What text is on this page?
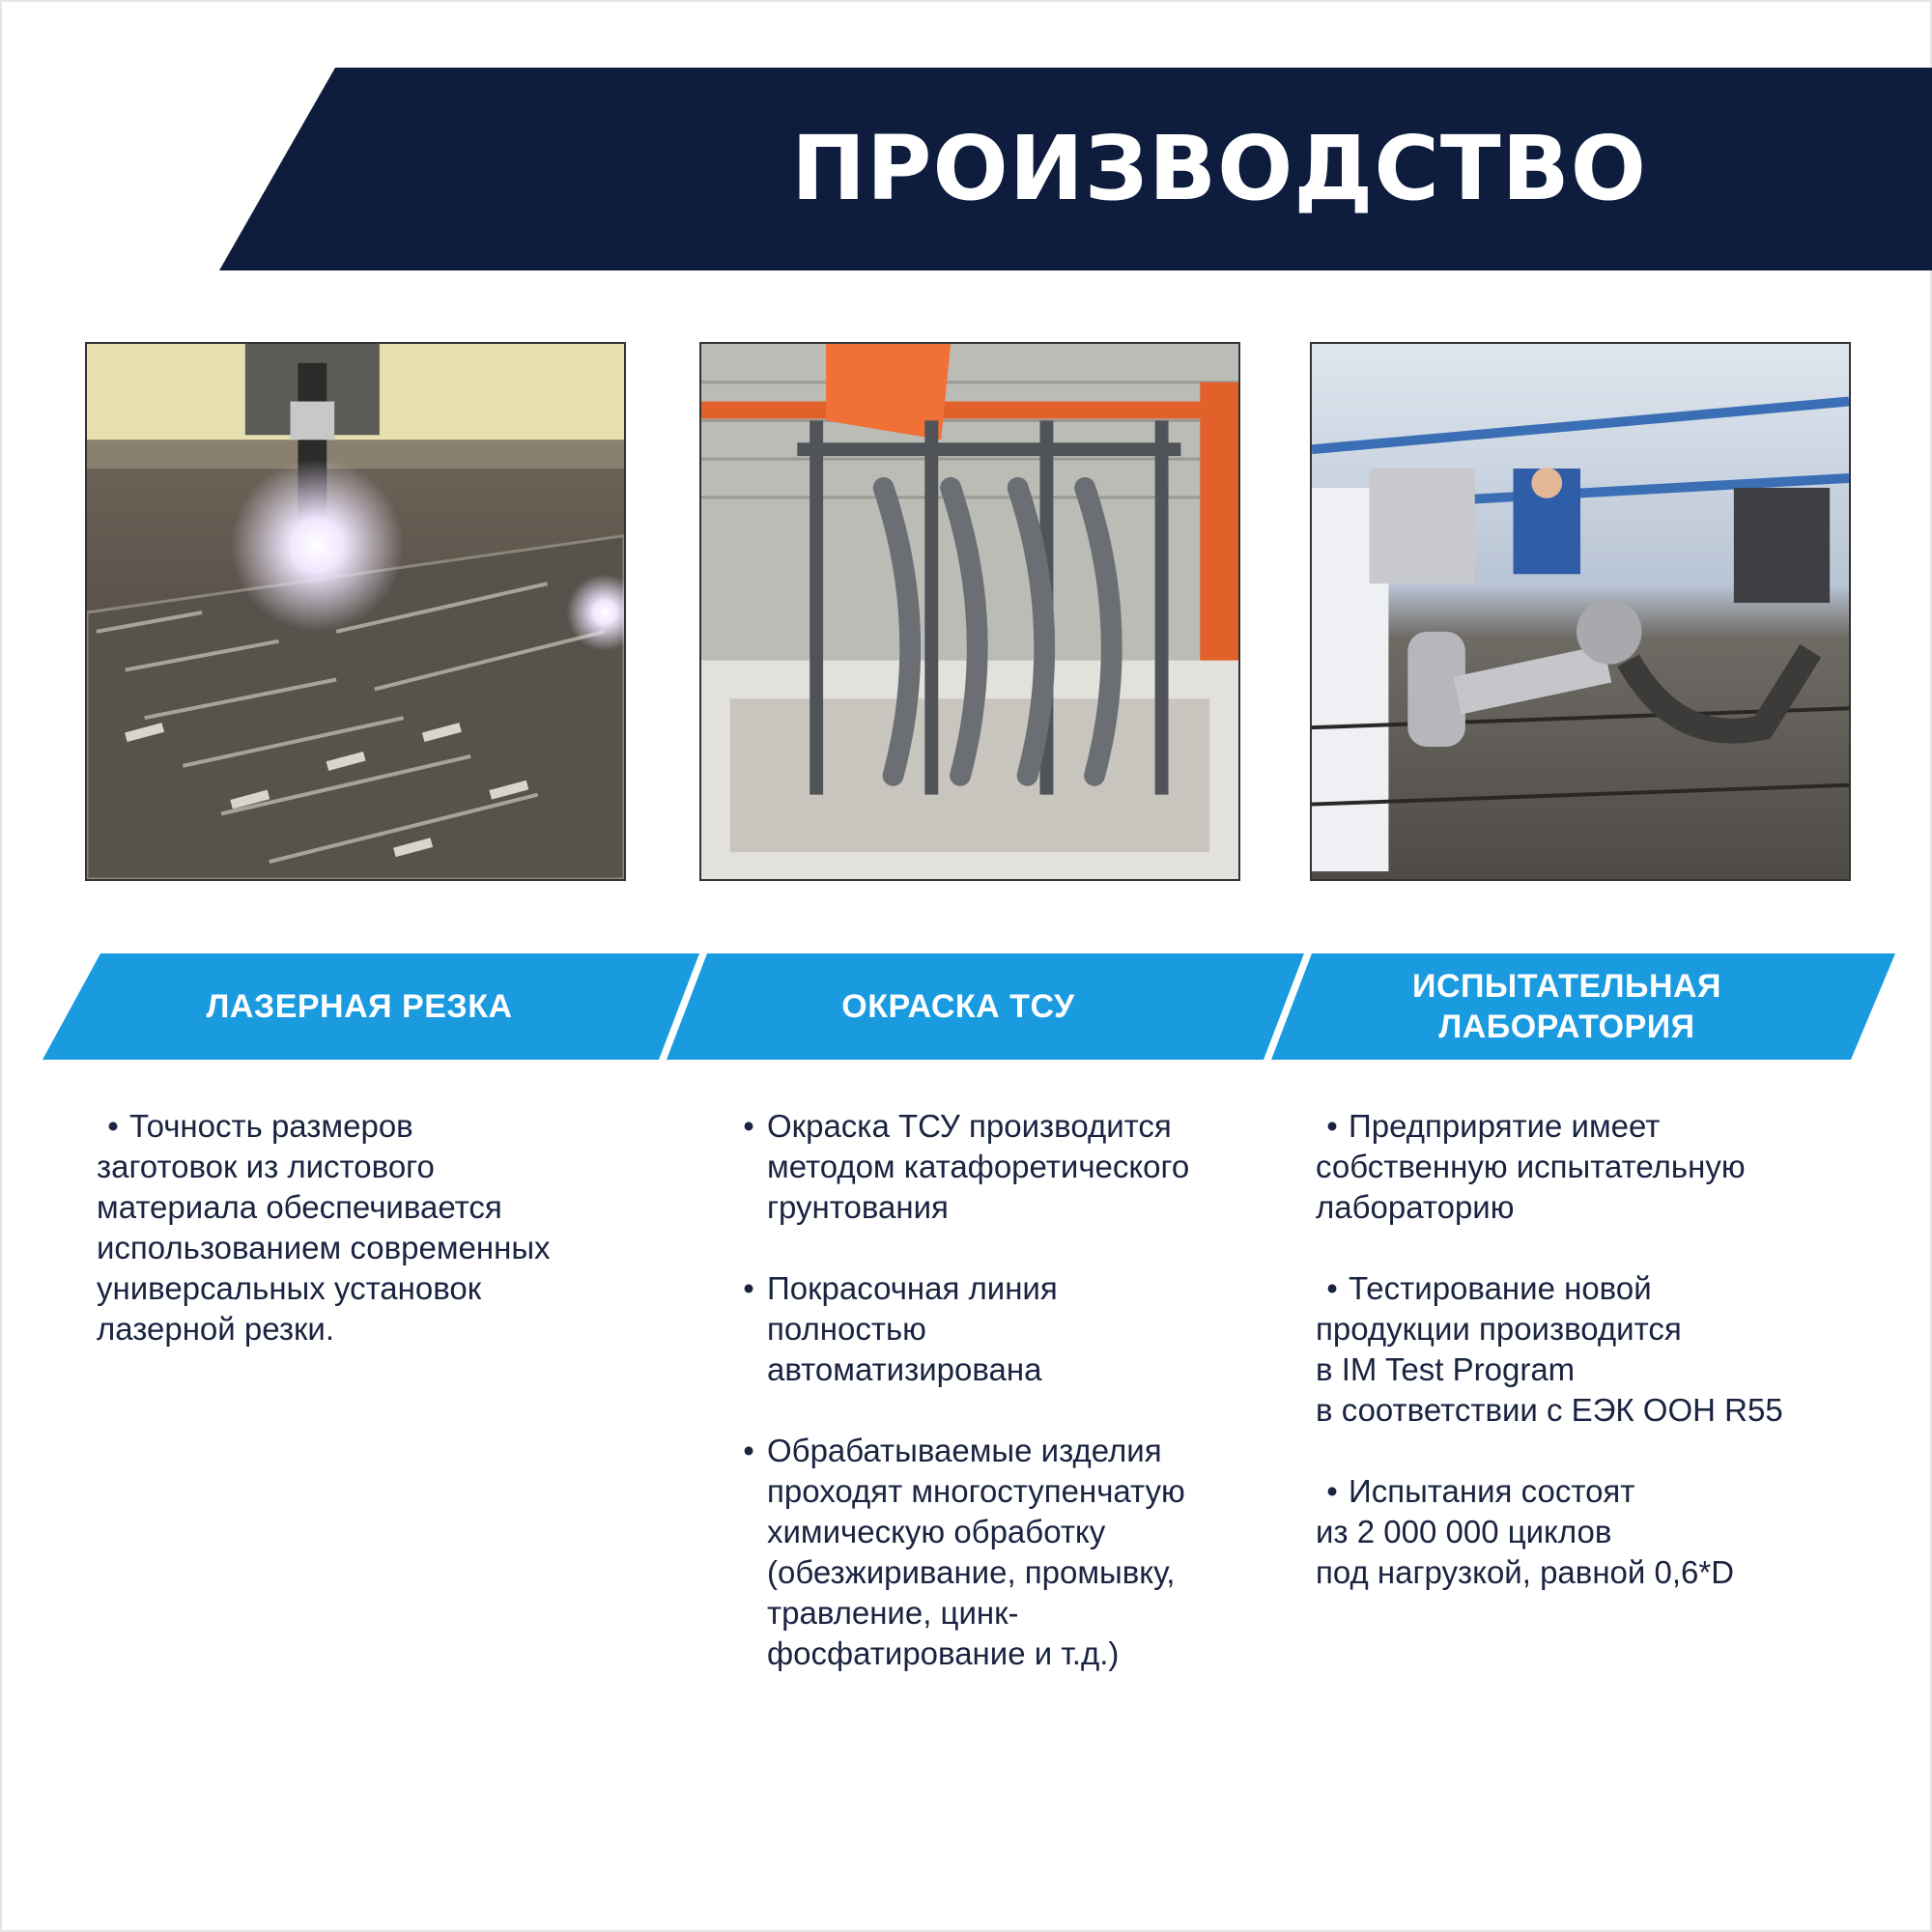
ПРОИЗВОДСТВО
ЛАЗЕРНАЯ РЕЗКА	ОКРАСКА ТСУ
ИСПЫТАТЕЛЬНАЯ
ЛАБОРАТОРИЯ
• Точность размеров
заготовок из листового
материала обеспечивается
использованием современных
универсальных установок
лазерной резки.
• Окраска ТСУ производится
методом катафоретического
грунтования
• Покрасочная линия
полностью
автоматизирована
• Обрабатываемые изделия
проходят многоступенчатую
химическую обработку
(обезжиривание, промывку,
травление, цинк-
фосфатирование и т.д.)
• Предприрятие имеет
собственную испытательную
лабораторию
• Тестирование новой
продукции производится
в IM Test Program
в соответствии с ЕЭК ООН R55
• Испытания состоят
из 2 000 000 циклов
под нагрузкой, равной 0,6*D
